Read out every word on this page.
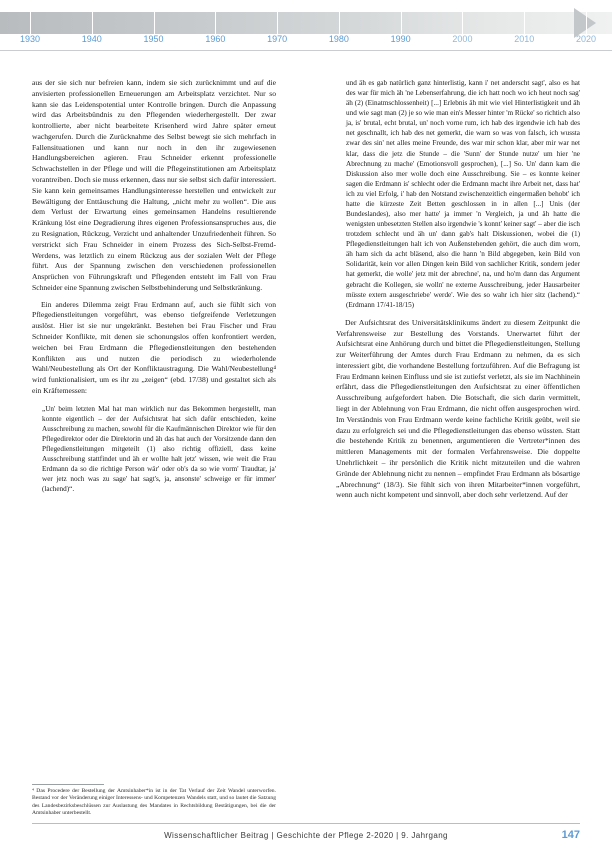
1930	1940	1950	1960	1970	1980	1990	2000	2010	2020

aus der sie sich nur befreien kann, indem sie sich zurücknimmt und auf die anvisierten professionellen Erneuerungen am Arbeitsplatz verzichtet. Nur so kann sie das Leidenspotential unter Kontrolle bringen. Durch die Anpassung wird das Arbeitsbündnis zu den Pflegenden wiederhergestellt. Der zwar kontrollierte, aber nicht bearbeitete Krisenherd wird Jahre später erneut wachgerufen. Durch die Zurücknahme des Selbst bewegt sie sich mehrfach in Fallensituationen und kann nur noch in den ihr zugewiesenen Handlungsbereichen agieren. Frau Schneider erkennt professionelle Schwachstellen in der Pflege und will die Pflegeinstitutionen am Arbeitsplatz vorantreiben. Doch sie muss erkennen, dass nur sie selbst sich dafür interessiert. Sie kann kein gemeinsames Handlungsinteresse herstellen und entwickelt zur Bewältigung der Enttäuschung die Haltung, „nicht mehr zu wollen“. Die aus dem Verlust der Erwartung eines gemeinsamen Handelns resultierende Kränkung löst eine Degradierung ihres eigenen Professionsanspruches aus, die zu Resignation, Rückzug, Verzicht und anhaltender Unzufriedenheit führen. So verstrickt sich Frau Schneider in einem Prozess des Sich-Selbst-Fremd-Werdens, was letztlich zu einem Rückzug aus der sozialen Welt der Pflege führt. Aus der Spannung zwischen den verschiedenen professionellen Ansprüchen von Führungskraft und Pflegenden entsteht im Fall von Frau Schneider eine Spannung zwischen Selbstbehinderung und Selbstkränkung.

Ein anderes Dilemma zeigt Frau Erdmann auf, auch sie fühlt sich von Pflegedienstleitungen vorgeführt, was ebenso tiefgreifende Verletzungen auslöst. Hier ist sie nur ungekränkt. Bestehen bei Frau Fischer und Frau Schneider Konflikte, mit denen sie schonungslos offen konfrontiert werden, weichen bei Frau Erdmann die Pflegedienstleitungen den bestehenden Konflikten aus und nutzen die periodisch zu wiederholende Wahl/Neubestellung als Ort der Konfliktaustragung. Die Wahl/Neubestellung⁴ wird funktionalisiert, um es ihr zu „zeigen“ (ebd. 17/38) und gestaltet sich als ein Kräftemessen:

„Un' beim letzten Mal hat man wirklich nur das Bekommen hergestellt, man konnte eigentlich – der der Aufsichtsrat hat sich dafür entschieden, keine Ausschreibung zu machen, sowohl für die Kaufmännischen Direktor wie für den Pflegedirektor oder die Direktorin und äh das hat auch der Vorsitzende dann den Pflegedienstleitungen mitgeteilt (1) also richtig offiziell, dass keine Ausschreibung stattfindet und äh er wollte halt jetz' wissen, wie weit die Frau Erdmann da so die richtige Person wär' oder ob's da so wie vorm' Traudtar, ja' wer jetz noch was zu sage' hat sagt's, ja, ansonste' schweige er für immer' (lachend)“.

und äh es gab natürlich ganz hinterlistig, kann i' net anderscht sagt', also es hat des war für mich äh 'ne Lebenserfahrung, die ich hatt noch wo ich heut noch sag' äh (2) (Einatmschlossenheit) [...] Erlebnis äh mit wie viel Hinterlistigkeit und äh und wie sagt man (2) je so wie man ein's Messer hinter 'm Rücke' so richtich also ja, is' brutal, echt brutal, un' noch vorne rum, ich hab des irgendwie ich hab des net geschnallt, ich hab des net gemerkt, die warn so was von falsch, ich wussta zwar des sin' net alles meine Freunde, des war mir schon klar, aber mir war net klar, dass die jetz die Stunde – die 'Sunn' der Stunde nutze' um hier 'ne Abrechnung zu mache' (Emotionsvoll gesprochen), [...] So. Un' dann kam die Diskussion also mer wolle doch eine Ausschreibung. Sie – es konnte keiner sagen die Erdmann is' schlecht oder die Erdmann macht ihre Arbeit net, dass hat' ich zu viel Erfolg, i' hab den Notstand zwischenzeitlich eingermaßen behobt' ich hatte die kürzeste Zeit Betten geschlossen in in allen [...] Unis (der Bundeslandes), also mer hatte' ja immer 'n Vergleich, ja und äh hatte die wenigsten unbesetzten Stellen also irgendwie 's konnt' keiner sagt' – aber die isch trotzdem schlecht und äh un' dann gab's halt Diskussionen, wobei die (1) Pflegedienstleitungen halt ich von Außenstehenden gehört, die auch dim worn, äh ham sich da acht bläsend, also die hann 'n Bild abgegeben, kein Bild von Solidarität, kein vor allen Dingen kein Bild von sachlicher Kritik, sondern jeder hat gemerkt, die wolle' jetz mit der abrechne', na, und ho'm dann das Argument gebracht die Kollegen, sie wolln' ne externe Ausschreibung, jeder Hausarbeiter müsste extern ausgeschriebe' werde'. Wie des so wahr ich hier sitz (lachend).“ (Erdmann 17/41-18/15)

Der Aufsichtsrat des Universitätsklinikums ändert zu diesem Zeitpunkt die Verfahrensweise zur Bestellung des Vorstands. Unerwartet führt der Aufsichtsrat eine Anhörung durch und bittet die Pflegedienstleitungen, Stellung zur Weiterführung der Amtes durch Frau Erdmann zu nehmen, da es sich interessiert gibt, die vorhandene Bestellung fortzuführen. Auf die Befragung ist Frau Erdmann keinen Einfluss und sie ist zutiefst verletzt, als sie im Nachhinein erfährt, dass die Pflegedienstleitungen den Aufsichtsrat zu einer öffentlichen Ausschreibung aufgefordert haben. Die Botschaft, die sich darin vermittelt, liegt in der Ablehnung von Frau Erdmann, die nicht offen ausgesprochen wird. Im Verständnis von Frau Erdmann werde keine fachliche Kritik geübt, weil sie dazu zu erfolgreich sei und die Pflegedienstleitungen das ebenso wüssten. Statt die bestehende Kritik zu benennen, argumentieren die Vertreter*innen des mittleren Managements mit der formalen Verfahrensweise. Die doppelte Unehrlichkeit – ihr persönlich die Kritik nicht mitzuteilen und die wahren Gründe der Ablehnung nicht zu nennen – empfindet Frau Erdmann als bösartige „Abrechnung“ (18/3). Sie fühlt sich von ihren Mitarbeiter*innen vorgeführt, wenn auch nicht kompetent und sinnvoll, aber doch sehr verletzend. Auf der

⁴ Das Procedere der Bestellung der Amtsinhaber*in ist in der Tat Verlauf der Zeit Wandel unterworfen. Bestand vor der Veränderung einiger Interessens- und Kompetenzen Wandels statt, und so lautet die Satzung des Landesbezirksbeschlüssen zur Auslastung des Mandates in Rechtsbildung Bestätigungen, bei die der Amtsinhaber unterbestellt.
Wissenschaftlicher Beitrag | Geschichte der Pflege 2-2020 | 9. Jahrgang	147
